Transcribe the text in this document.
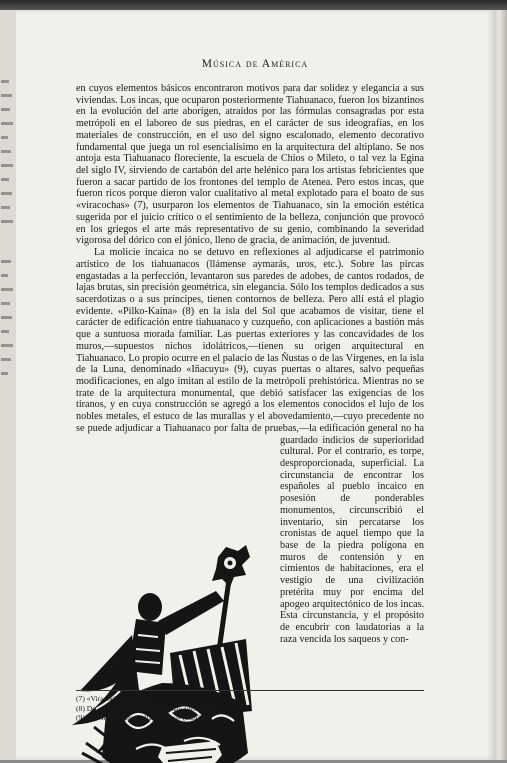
Música de América

en cuyos elementos básicos encontraron motivos para dar solidez y elegancia a sus viviendas. Los incas, que ocuparon posteriormente Tiahuanaco, fueron los bizantinos en la evolución del arte aborigen, atraídos por las fórmulas consagradas por esta metrópoli en el laboreo de sus piedras, en el carácter de sus ideografías, en los materiales de construcción, en el uso del signo escalonado, elemento decorativo fundamental que juega un rol esencialísimo en la arquitectura del altiplano. Se nos antoja esta Tiahuanaco floreciente, la escuela de Chios o Mileto, o tal vez la Egina del siglo IV, sirviendo de cartabón del arte helénico para los artistas febricientes que fueron a sacar partido de los frontones del templo de Atenea. Pero estos incas, que fueron ricos porque dieron valor cualitativo al metal explotado para el boato de sus «viracochas» (7), usurparon los elementos de Tiahuanaco, sin la emoción estética sugerida por el juicio crítico o el sentimiento de la belleza, conjunción que provocó en los griegos el arte más representativo de su genio, combinando la severidad vigorosa del dórico con el jónico, lleno de gracia, de animación, de juventud.

La molicie incaica no se detuvo en reflexiones al adjudicarse el patrimonio artístico de los tiahuanacos (llámense aymarás, uros, etc.). Sobre las pircas engastadas a la perfección, levantaron sus paredes de adobes, de cantos rodados, de lajas brutas, sin precisión geométrica, sin elegancia. Sólo los templos dedicados a sus sacerdotizas o a sus príncipes, tienen contornos de belleza. Pero allí está el plagio evidente. «Pilko-Kaina» (8) en la isla del Sol que acabamos de visitar, tiene el carácter de edificación entre tiahuanaco y cuzqueño, con aplicaciones a bastión más que a suntuosa morada familiar. Las puertas exteriores y las concavidades de los muros,—supuestos nichos idolátricos,—tienen su origen arquitectural en Tiahuanaco. Lo propio ocurre en el palacio de las Ñustas o de las Vírgenes, en la isla de la Luna, denominado «Iñacuyu» (9), cuyas puertas o altares, salvo pequeñas modificaciones, en algo imitan al estilo de la metrópoli prehistórica. Mientras no se trate de la arquitectura monumental, que debió satisfacer las exigencias de los tiranos, y en cuya construcción se agregó a los elementos conocidos el lujo de los nobles metales, el estuco de las murallas y el abovedamiento,—cuyo precedente no se
puede adjudicar a Tiahuanaco por falta de pruebas,—la edificación general no ha guardado indicios de superioridad cultural. Por el contrario, es torpe, desproporcionada, superficial. La circunstancia de encontrar los españoles al pueblo incaico en posesión de ponderables monumentos, circunscribió el inventario, sin percatarse los cronistas de aquel tiempo que la base de la piedra polígona en muros de contensión y en cimientos de habitaciones, era el vestigio de una civilización pretérita muy por encima del apogeo arquitectónico de los incas. Esta circunstancia, y el propósito de encubrir con laudatorias a la raza vencida los saqueos y con-

(7) «Viracocha» (Señor).
(8) De «Pilko» (pájaro). y «Kaina» (descanso).
(9) De «iñaka» (doncella) y «uyu» (cancha)
